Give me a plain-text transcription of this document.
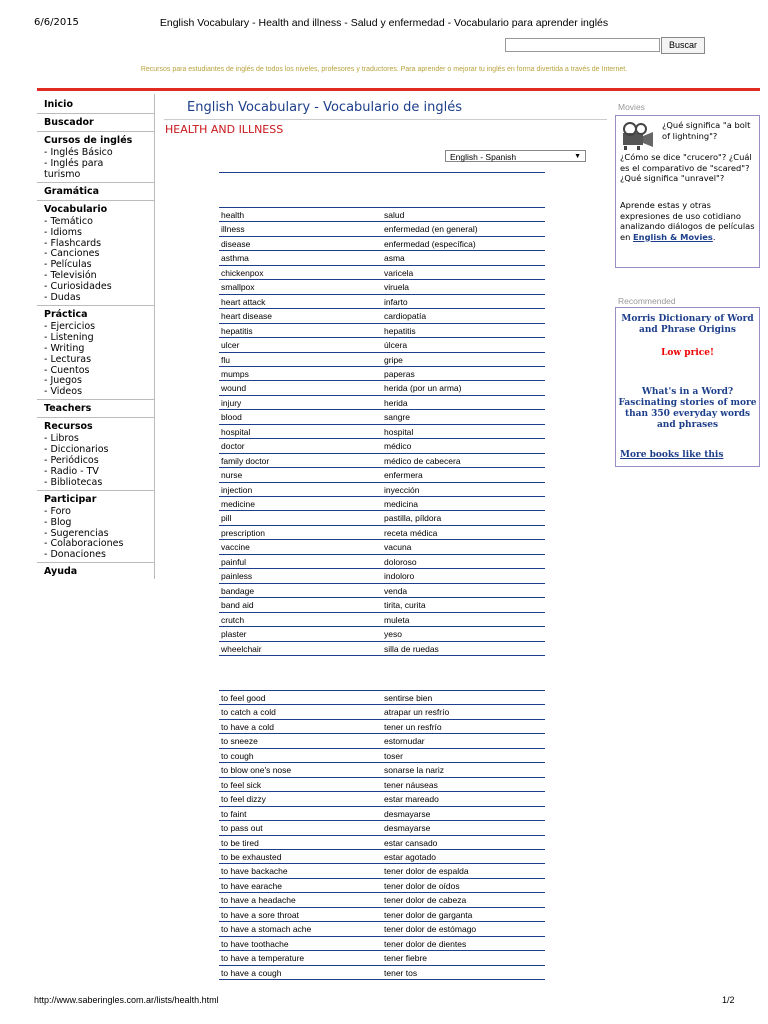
6/6/2015	English Vocabulary - Health and illness - Salud y enfermedad - Vocabulario para aprender inglés
Buscar
Recursos para estudiantes de inglés de todos los niveles, profesores y traductores. Para aprender o mejorar tu inglés en forma divertida a través de Internet.
Inicio
Buscador
Cursos de inglés
- Inglés Básico
- Inglés para
turismo
Gramática
Vocabulario
- Temático
- Idioms
- Flashcards
- Canciones
- Películas
- Televisión
- Curiosidades
- Dudas
Práctica
- Ejercicios
- Listening
- Writing
- Lecturas
- Cuentos
- Juegos
- Videos
Teachers
Recursos
- Libros
- Diccionarios
- Periódicos
- Radio - TV
- Bibliotecas
Participar
- Foro
- Blog
- Sugerencias
- Colaboraciones
- Donaciones
Ayuda
English Vocabulary - Vocabulario de inglés
HEALTH AND ILLNESS
English - Spanish	▼
health	salud
illness	enfermedad (en general)
disease	enfermedad (específica)
asthma	asma
chickenpox	varicela
smallpox	viruela
heart attack	infarto
heart disease	cardiopatía
hepatitis	hepatitis
ulcer	úlcera
flu	gripe
mumps	paperas
wound	herida (por un arma)
injury	herida
blood	sangre
hospital	hospital
doctor	médico
family doctor	médico de cabecera
nurse	enfermera
injection	inyección
medicine	medicina
pill	pastilla, píldora
prescription	receta médica
vaccine	vacuna
painful	doloroso
painless	indoloro
bandage	venda
band aid	tirita, curita
crutch	muleta
plaster	yeso
wheelchair	silla de ruedas
to feel good	sentirse bien
to catch a cold	atrapar un resfrío
to have a cold	tener un resfrío
to sneeze	estornudar
to cough	toser
to blow one's nose	sonarse la nariz
to feel sick	tener náuseas
to feel dizzy	estar mareado
to faint	desmayarse
to pass out	desmayarse
to be tired	estar cansado
to be exhausted	estar agotado
to have backache	tener dolor de espalda
to have earache	tener dolor de oídos
to have a headache	tener dolor de cabeza
to have a sore throat	tener dolor de garganta
to have a stomach ache	tener dolor de estómago
to have toothache	tener dolor de dientes
to have a temperature	tener fiebre
to have a cough	tener tos
Movies
¿Qué significa "a bolt of lightning"?
¿Cómo se dice "crucero"? ¿Cuál es el comparativo de "scared"? ¿Qué significa "unravel"?
Aprende estas y otras expresiones de uso cotidiano analizando diálogos de películas en English & Movies.
Recommended
Morris Dictionary of Word and Phrase Origins
Low price!
What's in a Word? Fascinating stories of more than 350 everyday words and phrases
More books like this
http://www.saberingles.com.ar/lists/health.html	1/2
